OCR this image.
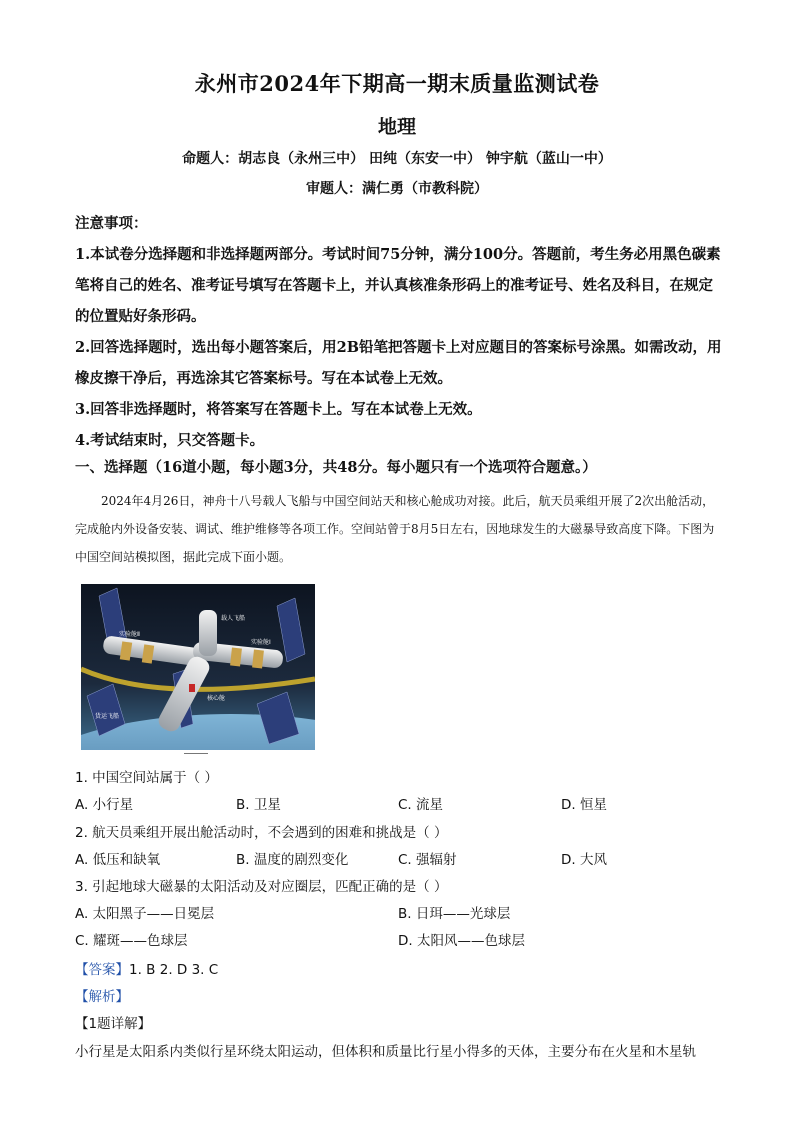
永州市2024年下期高一期末质量监测试卷
地理
命题人：胡志良（永州三中） 田纯（东安一中） 钟宇航（蓝山一中）
审题人：满仁勇（市教科院）

注意事项：

1.本试卷分选择题和非选择题两部分。考试时间75分钟，满分100分。答题前，考生务必用黑色碳素笔将自己的姓名、准考证号填写在答题卡上，并认真核准条形码上的准考证号、姓名及科目，在规定的位置贴好条形码。

2.回答选择题时，选出每小题答案后，用2B铅笔把答题卡上对应题目的答案标号涂黑。如需改动，用橡皮擦干净后，再选涂其它答案标号。写在本试卷上无效。

3.回答非选择题时，将答案写在答题卡上。写在本试卷上无效。

4.考试结束时，只交答题卡。

一、选择题（16道小题，每小题3分，共48分。每小题只有一个选项符合题意。）
2024年4月26日，神舟十八号载人飞船与中国空间站天和核心舱成功对接。此后，航天员乘组开展了2次出舱活动，完成舱内外设备安装、调试、维护维修等各项工作。空间站曾于8月5日左右，因地球发生的大磁暴导致高度下降。下图为中国空间站模拟图，据此完成下面小题。
实验舱Ⅱ
载人飞船
实验舱Ⅰ
核心舱
货运飞船
1. 中国空间站属于（ ）
A. 小行星	B. 卫星	C. 流星	D. 恒星
2. 航天员乘组开展出舱活动时，不会遇到的困难和挑战是（ ）
A. 低压和缺氧	B. 温度的剧烈变化	C. 强辐射	D. 大风
3. 引起地球大磁暴的太阳活动及对应圈层，匹配正确的是（ ）
A. 太阳黑子——日冕层	B. 日珥——光球层
C. 耀斑——色球层	D. 太阳风——色球层
【答案】1. B 2. D 3. C
【解析】
【1题详解】
小行星是太阳系内类似行星环绕太阳运动，但体积和质量比行星小得多的天体，主要分布在火星和木星轨
